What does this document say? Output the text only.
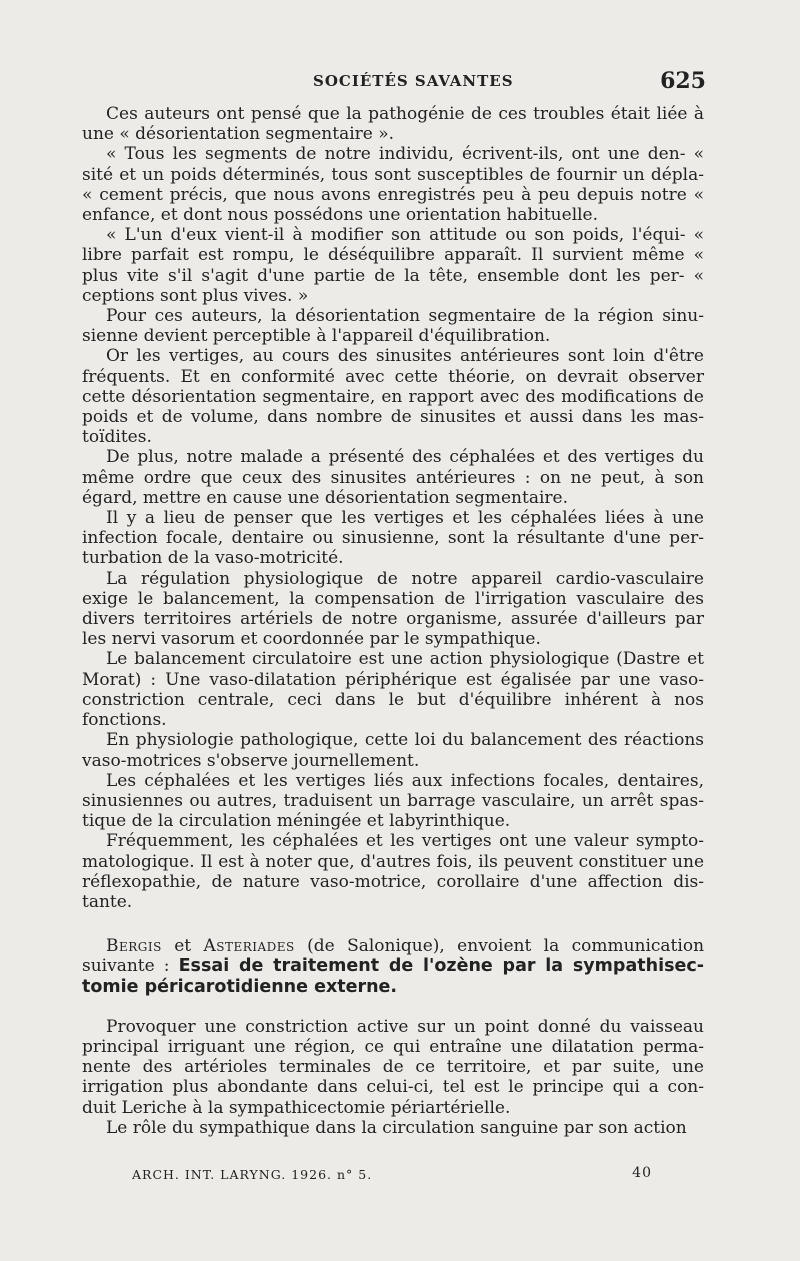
SOCIÉTÉS SAVANTES	625

Ces auteurs ont pensé que la pathogénie de ces troubles était liée à une « désorientation segmentaire ».

« Tous les segments de notre individu, écrivent-ils, ont une den- « sité et un poids déterminés, tous sont susceptibles de fournir un dépla- « cement précis, que nous avons enregistrés peu à peu depuis notre « enfance, et dont nous possédons une orientation habituelle.

« L'un d'eux vient-il à modifier son attitude ou son poids, l'équi- « libre parfait est rompu, le déséquilibre apparaît. Il survient même « plus vite s'il s'agit d'une partie de la tête, ensemble dont les per- « ceptions sont plus vives. »

Pour ces auteurs, la désorientation segmentaire de la région sinu- sienne devient perceptible à l'appareil d'équilibration.

Or les vertiges, au cours des sinusites antérieures sont loin d'être fréquents. Et en conformité avec cette théorie, on devrait observer cette désorientation segmentaire, en rapport avec des modifications de poids et de volume, dans nombre de sinusites et aussi dans les mas- toïdites.

De plus, notre malade a présenté des céphalées et des vertiges du même ordre que ceux des sinusites antérieures : on ne peut, à son égard, mettre en cause une désorientation segmentaire.

Il y a lieu de penser que les vertiges et les céphalées liées à une infection focale, dentaire ou sinusienne, sont la résultante d'une per- turbation de la vaso-motricité.

La régulation physiologique de notre appareil cardio-vasculaire exige le balancement, la compensation de l'irrigation vasculaire des divers territoires artériels de notre organisme, assurée d'ailleurs par les nervi vasorum et coordonnée par le sympathique.

Le balancement circulatoire est une action physiologique (Dastre et Morat) : Une vaso-dilatation périphérique est égalisée par une vaso- constriction centrale, ceci dans le but d'équilibre inhérent à nos fonctions.

En physiologie pathologique, cette loi du balancement des réactions vaso-motrices s'observe journellement.

Les céphalées et les vertiges liés aux infections focales, dentaires, sinusiennes ou autres, traduisent un barrage vasculaire, un arrêt spas- tique de la circulation méningée et labyrinthique.

Fréquemment, les céphalées et les vertiges ont une valeur sympto- matologique. Il est à noter que, d'autres fois, ils peuvent constituer une réflexopathie, de nature vaso-motrice, corollaire d'une affection dis- tante.

Bergis et Asteriades (de Salonique), envoient la communication suivante : Essai de traitement de l'ozène par la sympathisec- tomie péricarotidienne externe.

Provoquer une constriction active sur un point donné du vaisseau principal irriguant une région, ce qui entraîne une dilatation perma- nente des artérioles terminales de ce territoire, et par suite, une irrigation plus abondante dans celui-ci, tel est le principe qui a con- duit Leriche à la sympathicectomie périartérielle.

Le rôle du sympathique dans la circulation sanguine par son action

ARCH. INT. LARYNG. 1926. n° 5.	40
